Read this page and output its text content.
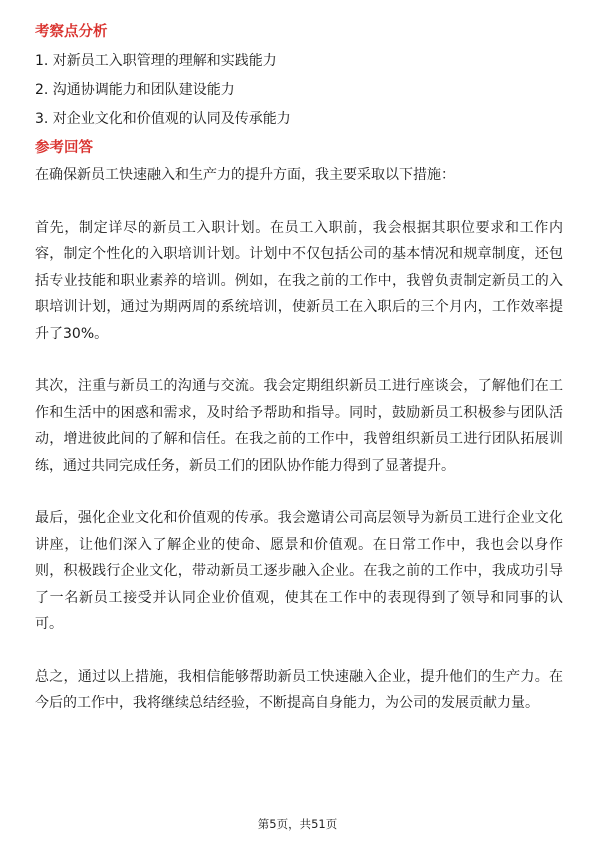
考察点分析
1. 对新员工入职管理的理解和实践能力
2. 沟通协调能力和团队建设能力
3. 对企业文化和价值观的认同及传承能力
参考回答

在确保新员工快速融入和生产力的提升方面，我主要采取以下措施：

首先，制定详尽的新员工入职计划。在员工入职前，我会根据其职位要求和工作内容，制定个性化的入职培训计划。计划中不仅包括公司的基本情况和规章制度，还包括专业技能和职业素养的培训。例如，在我之前的工作中，我曾负责制定新员工的入职培训计划，通过为期两周的系统培训，使新员工在入职后的三个月内，工作效率提升了30%。

其次，注重与新员工的沟通与交流。我会定期组织新员工进行座谈会，了解他们在工作和生活中的困惑和需求，及时给予帮助和指导。同时，鼓励新员工积极参与团队活动，增进彼此间的了解和信任。在我之前的工作中，我曾组织新员工进行团队拓展训练，通过共同完成任务，新员工们的团队协作能力得到了显著提升。

最后，强化企业文化和价值观的传承。我会邀请公司高层领导为新员工进行企业文化讲座，让他们深入了解企业的使命、愿景和价值观。在日常工作中，我也会以身作则，积极践行企业文化，带动新员工逐步融入企业。在我之前的工作中，我成功引导了一名新员工接受并认同企业价值观，使其在工作中的表现得到了领导和同事的认可。

总之，通过以上措施，我相信能够帮助新员工快速融入企业，提升他们的生产力。在今后的工作中，我将继续总结经验，不断提高自身能力，为公司的发展贡献力量。

第5页，共51页
